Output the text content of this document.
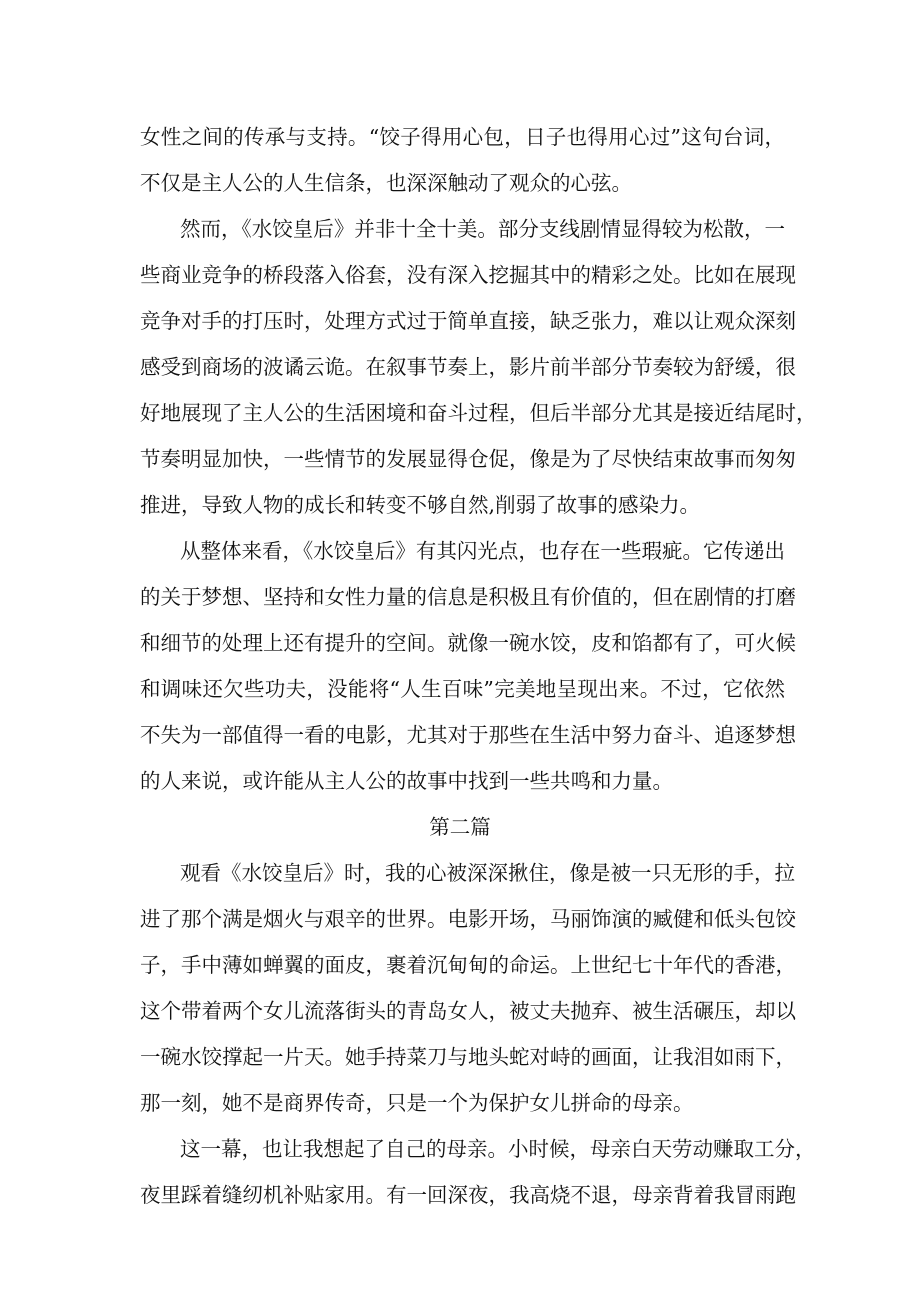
女性之间的传承与支持。“饺子得用心包，日子也得用心过”这句台词，
不仅是主人公的人生信条，也深深触动了观众的心弦。
然而，《水饺皇后》并非十全十美。部分支线剧情显得较为松散，一
些商业竞争的桥段落入俗套，没有深入挖掘其中的精彩之处。比如在展现
竞争对手的打压时，处理方式过于简单直接，缺乏张力，难以让观众深刻
感受到商场的波谲云诡。在叙事节奏上，影片前半部分节奏较为舒缓，很
好地展现了主人公的生活困境和奋斗过程，但后半部分尤其是接近结尾时，
节奏明显加快，一些情节的发展显得仓促，像是为了尽快结束故事而匆匆
推进，导致人物的成长和转变不够自然,削弱了故事的感染力。
从整体来看，《水饺皇后》有其闪光点，也存在一些瑕疵。它传递出
的关于梦想、坚持和女性力量的信息是积极且有价值的，但在剧情的打磨
和细节的处理上还有提升的空间。就像一碗水饺，皮和馅都有了，可火候
和调味还欠些功夫，没能将“人生百味”完美地呈现出来。不过，它依然
不失为一部值得一看的电影，尤其对于那些在生活中努力奋斗、追逐梦想
的人来说，或许能从主人公的故事中找到一些共鸣和力量。
第二篇
观看《水饺皇后》时，我的心被深深揪住，像是被一只无形的手，拉
进了那个满是烟火与艰辛的世界。电影开场，马丽饰演的臧健和低头包饺
子，手中薄如蝉翼的面皮，裹着沉甸甸的命运。上世纪七十年代的香港，
这个带着两个女儿流落街头的青岛女人，被丈夫抛弃、被生活碾压，却以
一碗水饺撑起一片天。她手持菜刀与地头蛇对峙的画面，让我泪如雨下，
那一刻，她不是商界传奇，只是一个为保护女儿拼命的母亲。
这一幕，也让我想起了自己的母亲。小时候，母亲白天劳动赚取工分，
夜里踩着缝纫机补贴家用。有一回深夜，我高烧不退，母亲背着我冒雨跑
